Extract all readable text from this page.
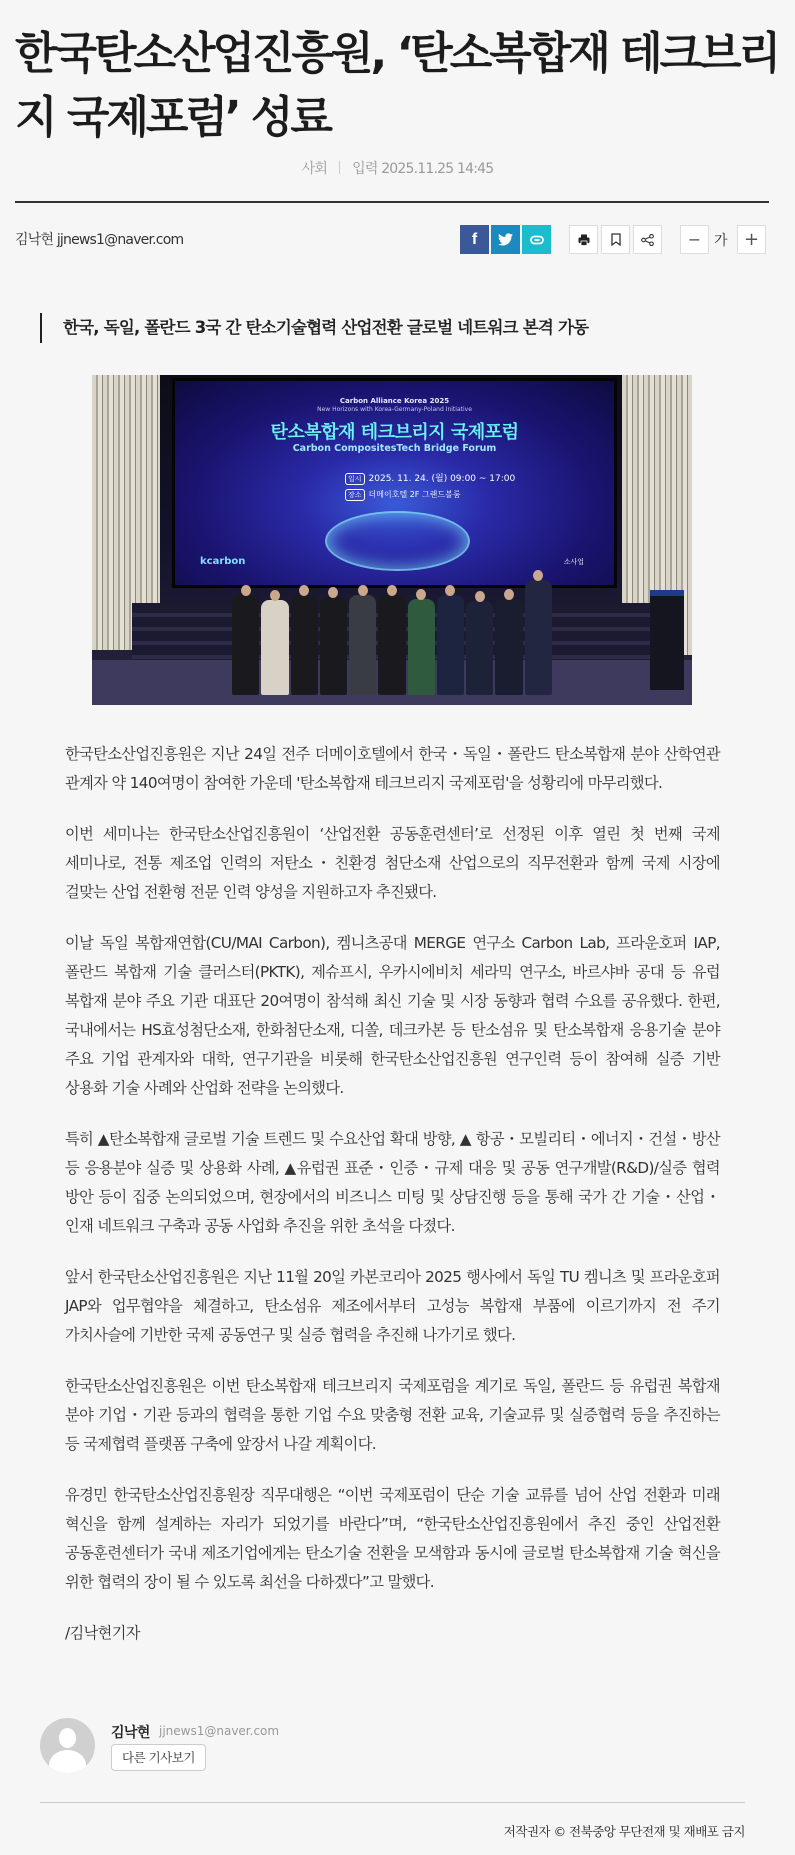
한국탄소산업진흥원, ‘탄소복합재 테크브리지 국제포럼’ 성료
사회 입력 2025.11.25 14:45
김낙현 jjnews1@naver.com	f	− 가 +
한국, 독일, 폴란드 3국 간 탄소기술협력 산업전환 글로벌 네트워크 본격 가동
Carbon Alliance Korea 2025
New Horizons with Korea-Germany-Poland Initiative
탄소복합재 테크브리지 국제포럼
Carbon CompositesTech Bridge Forum
일시 2025. 11. 24. (월) 09:00 ~ 17:00
장소 더메이호텔 2F 그랜드볼룸
kcarbon	소사업

한국탄소산업진흥원은 지난 24일 전주 더메이호텔에서 한국・독일・폴란드 탄소복합재 분야 산학연관 관계자 약 140여명이 참여한 가운데 '탄소복합재 테크브리지 국제포럼'을 성황리에 마무리했다.

이번 세미나는 한국탄소산업진흥원이 ‘산업전환 공동훈련센터’로 선정된 이후 열린 첫 번째 국제 세미나로, 전통 제조업 인력의 저탄소・친환경 첨단소재 산업으로의 직무전환과 함께 국제 시장에 걸맞는 산업 전환형 전문 인력 양성을 지원하고자 추진됐다.

이날 독일 복합재연합(CU/MAI Carbon), 켐니츠공대 MERGE 연구소 Carbon Lab, 프라운호퍼 IAP, 폴란드 복합재 기술 클러스터(PKTK), 제슈프시, 우카시에비치 세라믹 연구소, 바르샤바 공대 등 유럽 복합재 분야 주요 기관 대표단 20여명이 참석해 최신 기술 및 시장 동향과 협력 수요를 공유했다. 한편, 국내에서는 HS효성첨단소재, 한화첨단소재, 디쏠, 데크카본 등 탄소섬유 및 탄소복합재 응용기술 분야 주요 기업 관계자와 대학, 연구기관을 비롯해 한국탄소산업진흥원 연구인력 등이 참여해 실증 기반 상용화 기술 사례와 산업화 전략을 논의했다.

특히 ▲탄소복합재 글로벌 기술 트렌드 및 수요산업 확대 방향, ▲ 항공・모빌리티・에너지・건설・방산 등 응용분야 실증 및 상용화 사례, ▲유럽권 표준・인증・규제 대응 및 공동 연구개발(R&D)/실증 협력 방안 등이 집중 논의되었으며, 현장에서의 비즈니스 미팅 및 상담진행 등을 통해 국가 간 기술・산업・인재 네트워크 구축과 공동 사업화 추진을 위한 초석을 다졌다.

앞서 한국탄소산업진흥원은 지난 11월 20일 카본코리아 2025 행사에서 독일 TU 켐니츠 및 프라운호퍼 JAP와 업무협약을 체결하고, 탄소섬유 제조에서부터 고성능 복합재 부품에 이르기까지 전 주기 가치사슬에 기반한 국제 공동연구 및 실증 협력을 추진해 나가기로 했다.

한국탄소산업진흥원은 이번 탄소복합재 테크브리지 국제포럼을 계기로 독일, 폴란드 등 유럽권 복합재 분야 기업・기관 등과의 협력을 통한 기업 수요 맞춤형 전환 교육, 기술교류 및 실증협력 등을 추진하는 등 국제협력 플랫폼 구축에 앞장서 나갈 계획이다.

유경민 한국탄소산업진흥원장 직무대행은 “이번 국제포럼이 단순 기술 교류를 넘어 산업 전환과 미래 혁신을 함께 설계하는 자리가 되었기를 바란다”며, “한국탄소산업진흥원에서 추진 중인 산업전환 공동훈련센터가 국내 제조기업에게는 탄소기술 전환을 모색함과 동시에 글로벌 탄소복합재 기술 혁신을 위한 협력의 장이 될 수 있도록 최선을 다하겠다”고 말했다.

/김낙현기자

김낙현 jjnews1@naver.com
다른 기사보기
저작권자 © 전북중앙 무단전재 및 재배포 금지
